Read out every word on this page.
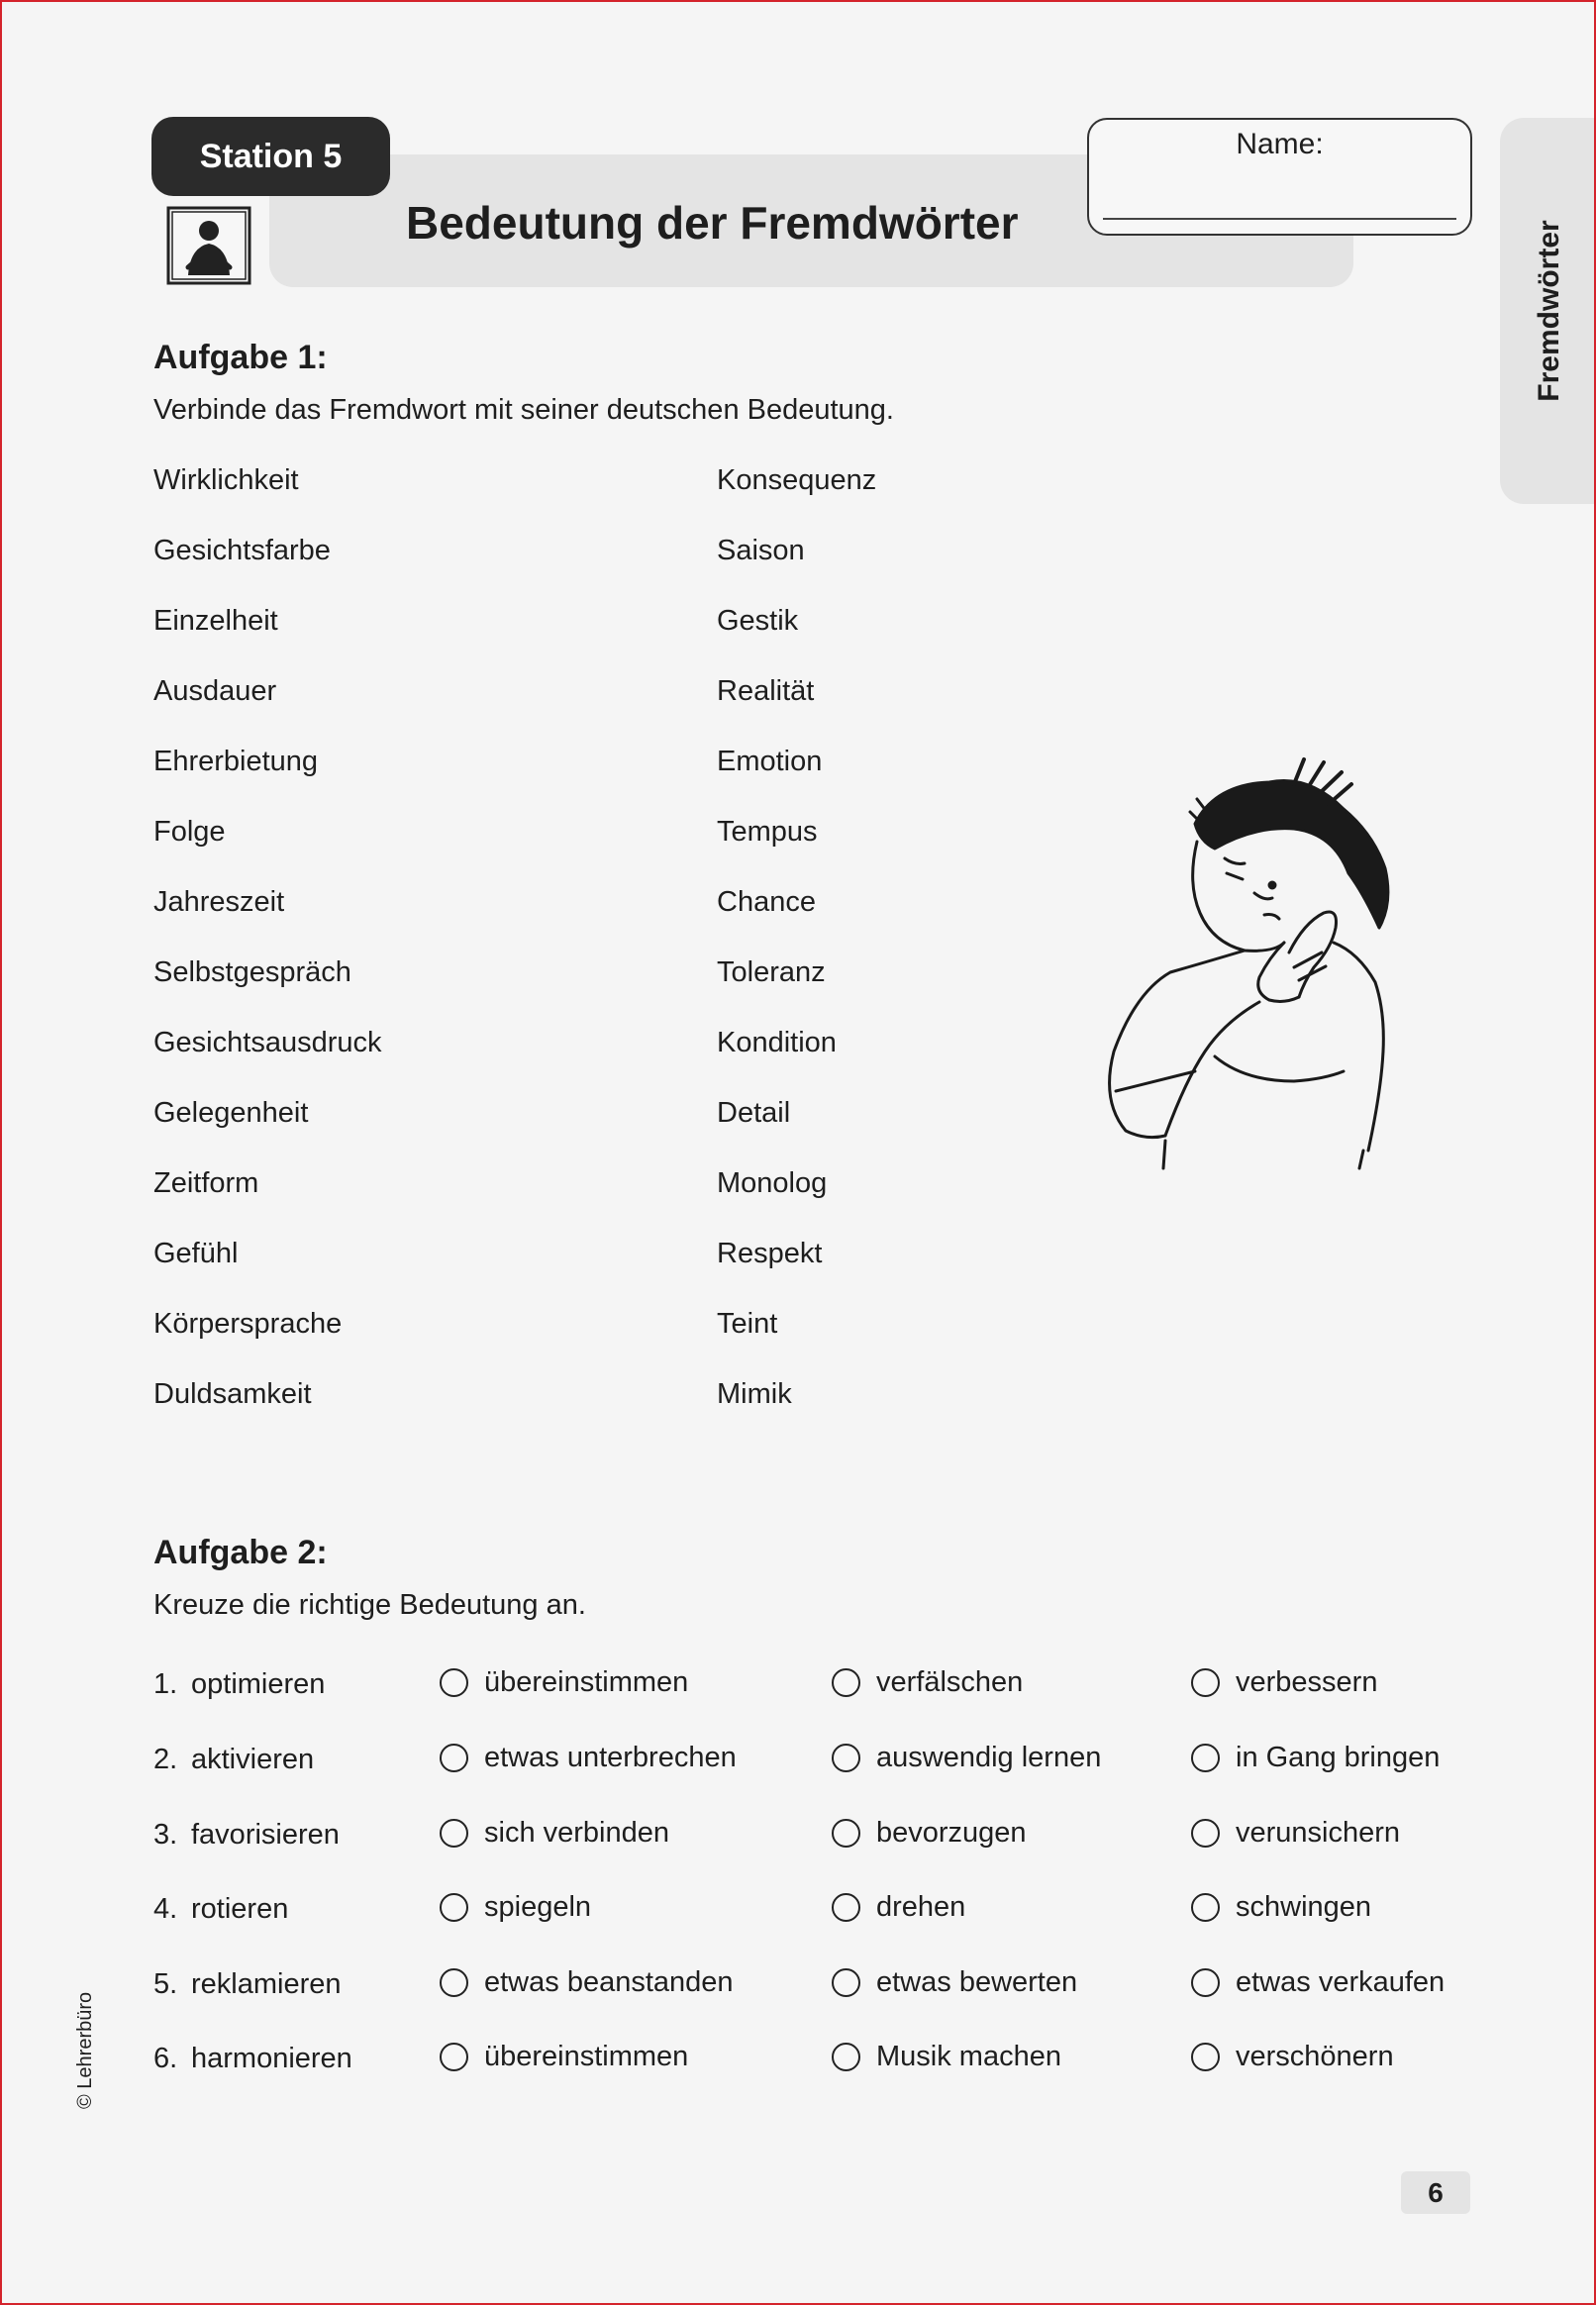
Station 5
Bedeutung der Fremdwörter
Name:
Fremdwörter
Aufgabe 1:
Verbinde das Fremdwort mit seiner deutschen Bedeutung.
Wirklichkeit
Gesichtsfarbe
Einzelheit
Ausdauer
Ehrerbietung
Folge
Jahreszeit
Selbstgespräch
Gesichtsausdruck
Gelegenheit
Zeitform
Gefühl
Körpersprache
Duldsamkeit
Konsequenz
Saison
Gestik
Realität
Emotion
Tempus
Chance
Toleranz
Kondition
Detail
Monolog
Respekt
Teint
Mimik
Aufgabe 2:
Kreuze die richtige Bedeutung an.
1. optimieren	übereinstimmen	verfälschen	verbessern
2. aktivieren	etwas unterbrechen	auswendig lernen	in Gang bringen
3. favorisieren	sich verbinden	bevorzugen	verunsichern
4. rotieren	spiegeln	drehen	schwingen
5. reklamieren	etwas beanstanden	etwas bewerten	etwas verkaufen
6. harmonieren	übereinstimmen	Musik machen	verschönern
© Lehrerbüro
6
